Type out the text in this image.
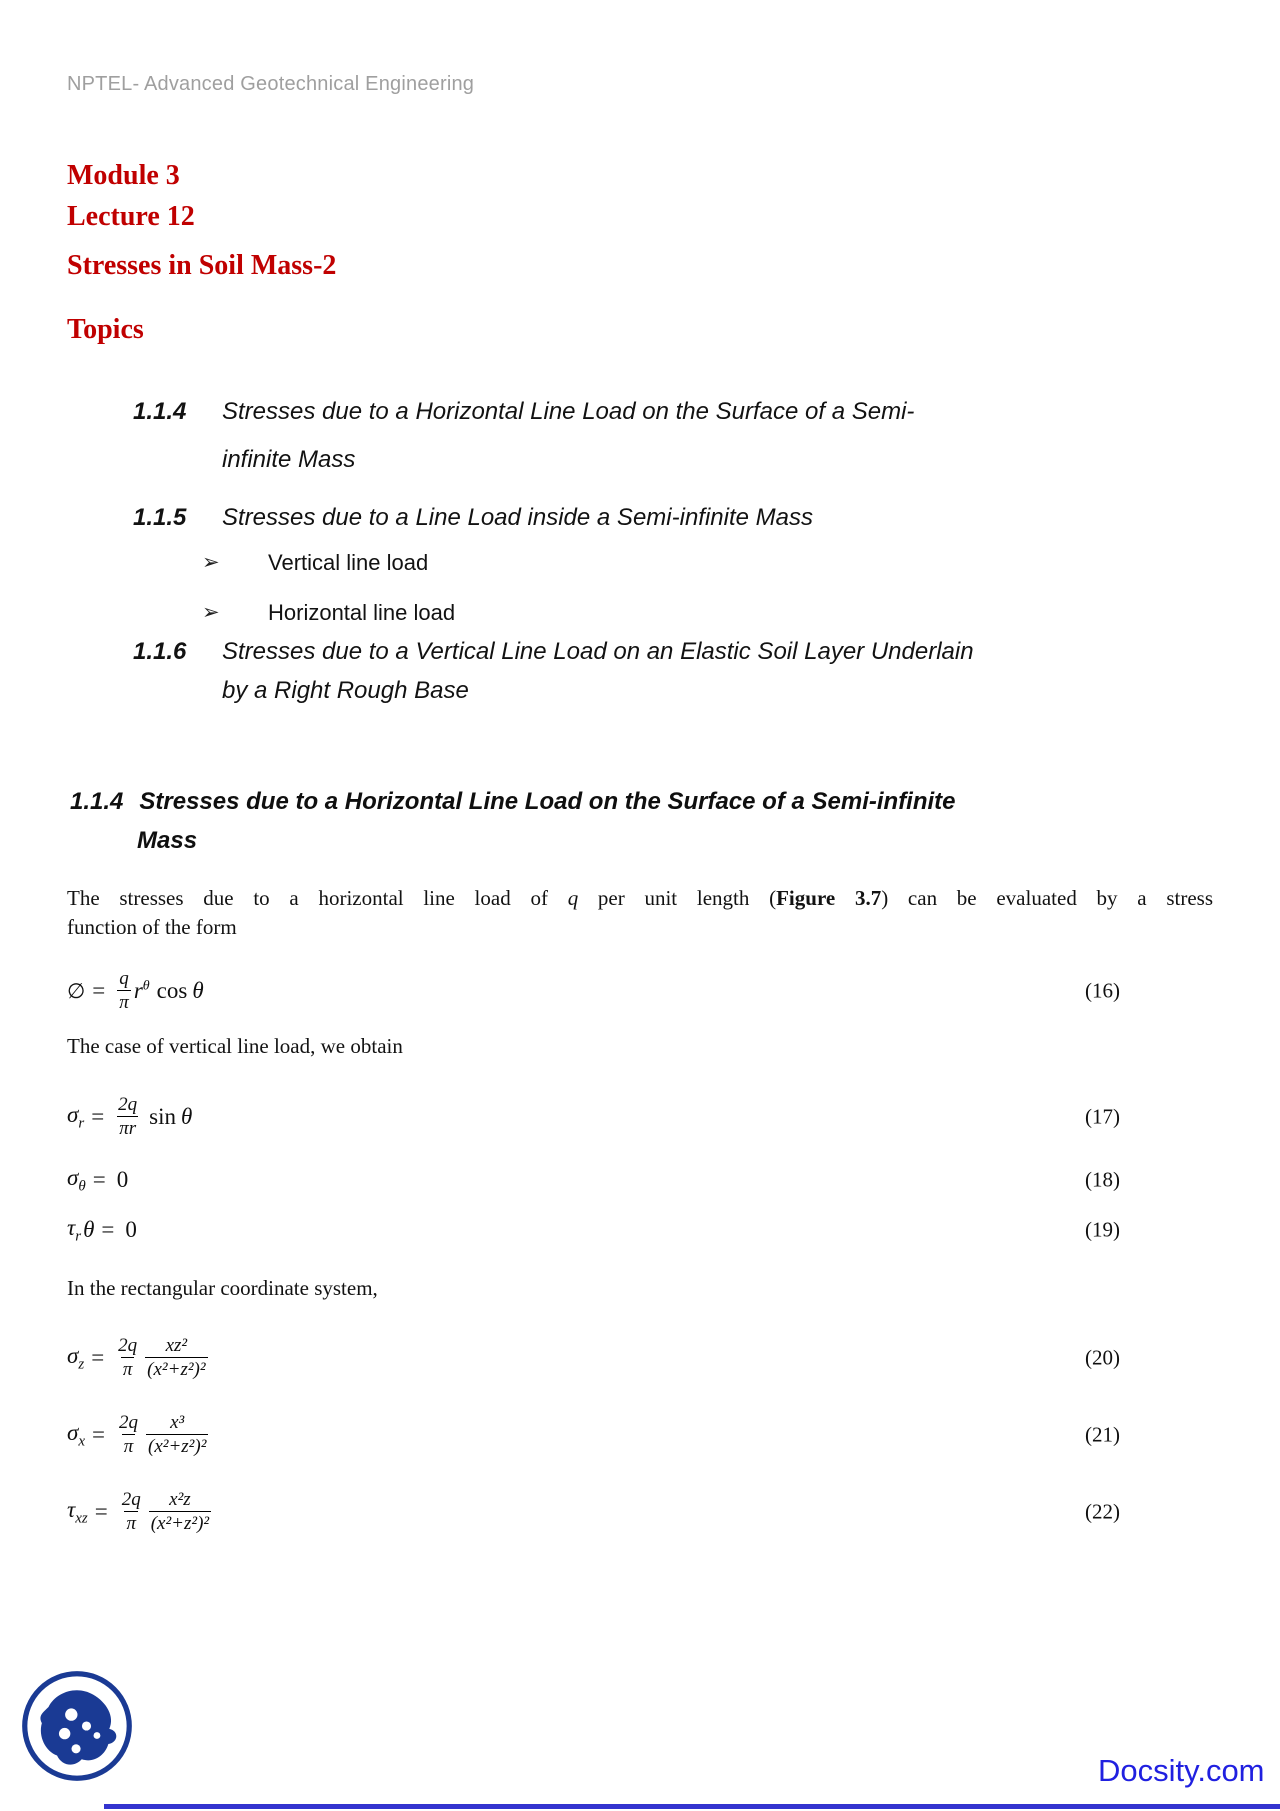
NPTEL- Advanced Geotechnical Engineering
Module 3
Lecture 12
Stresses in Soil Mass-2
Topics
1.1.4 Stresses due to a Horizontal Line Load on the Surface of a Semi-
infinite Mass
1.1.5 Stresses due to a Line Load inside a Semi-infinite Mass
➢ Vertical line load
➢ Horizontal line load
1.1.6 Stresses due to a Vertical Line Load on an Elastic Soil Layer Underlain
by a Right Rough Base
1.1.4 Stresses due to a Horizontal Line Load on the Surface of a Semi-infinite
Mass
The stresses due to a horizontal line load of q per unit length (Figure 3.7) can be evaluated by a stress
function of the form
∅ = $\frac{q}{\pi} r^\theta$ cos θ	(16)
The case of vertical line load, we obtain
$\sigma_r = \frac{2q}{\pi r}$ sin θ	(17)
$\sigma_\theta = 0$	(18)
$\tau_r$ θ = 0	(19)
In the rectangular coordinate system,
$\sigma_z = \frac{2q}{\pi} \frac{\text{xz²}}{\text{(x²+z²)²}}$	(20)
$\sigma_x = \frac{2q}{\pi} \frac{\text{x³}}{\text{(x²+z²)²}}$	(21)
$\tau_{xz} = \frac{2q}{\pi} \frac{\text{x²z}}{\text{(x²+z²)²}}$	(22)
Docsity.com
